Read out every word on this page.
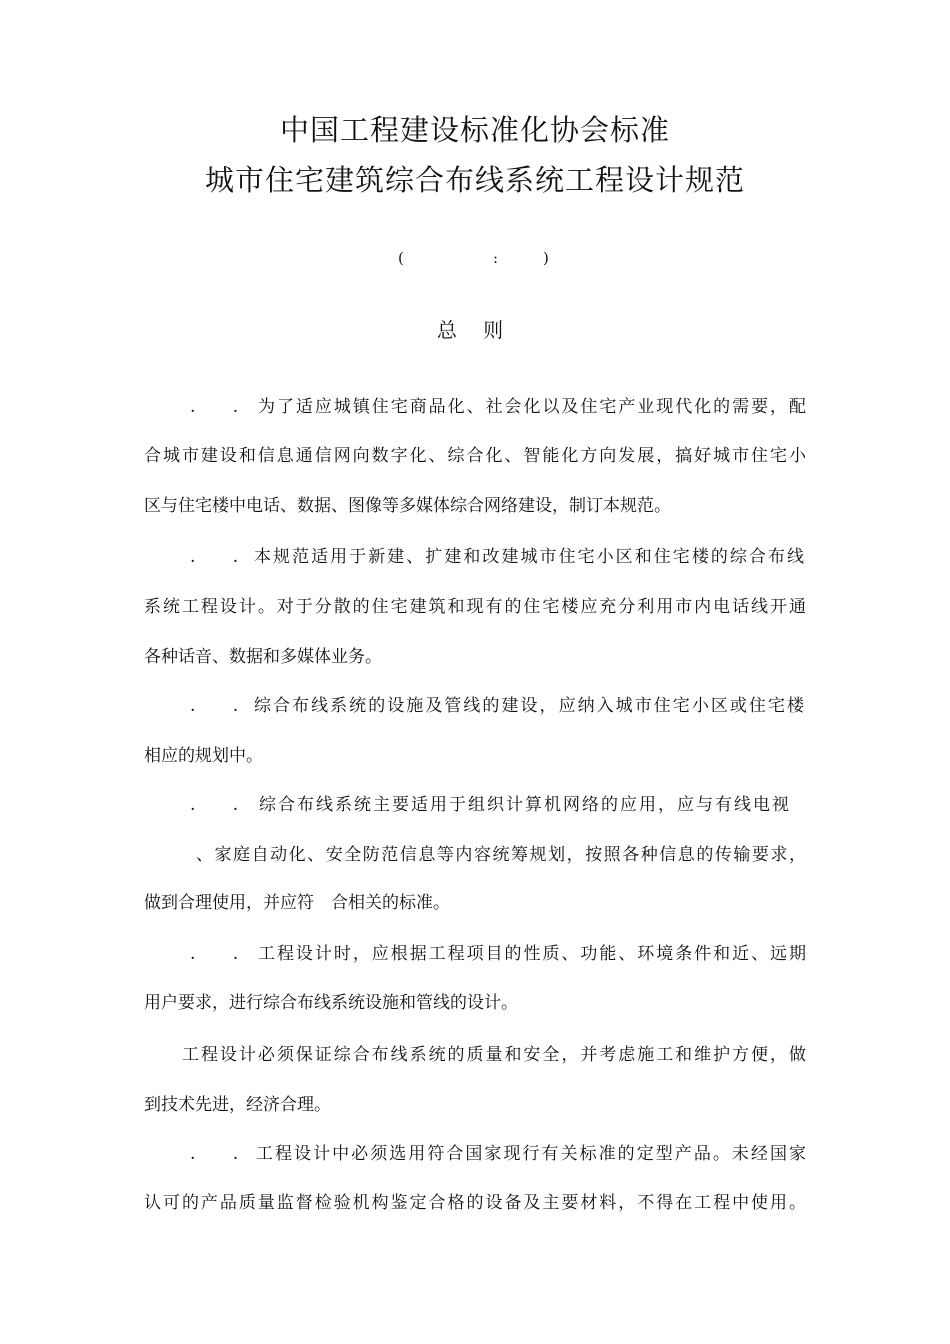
中国工程建设标准化协会标准
城市住宅建筑综合布线系统工程设计规范
(	:	)
总 则
. . 为了适应城镇住宅商品化、社会化以及住宅产业现代化的需要，配
合城市建设和信息通信网向数字化、综合化、智能化方向发展，搞好城市住宅小
区与住宅楼中电话、数据、图像等多媒体综合网络建设，制订本规范。
. . 本规范适用于新建、扩建和改建城市住宅小区和住宅楼的综合布线
系统工程设计。对于分散的住宅建筑和现有的住宅楼应充分利用市内电话线开通
各种话音、数据和多媒体业务。
. . 综合布线系统的设施及管线的建设，应纳入城市住宅小区或住宅楼
相应的规划中。
. . 综合布线系统主要适用于组织计算机网络的应用，应与有线电视
、家庭自动化、安全防范信息等内容统筹规划，按照各种信息的传输要求，
做到合理使用，并应符　合相关的标准。
. . 工程设计时，应根据工程项目的性质、功能、环境条件和近、远期
用户要求，进行综合布线系统设施和管线的设计。
工程设计必须保证综合布线系统的质量和安全，并考虑施工和维护方便，做
到技术先进，经济合理。
. . 工程设计中必须选用符合国家现行有关标准的定型产品。未经国家
认可的产品质量监督检验机构鉴定合格的设备及主要材料，不得在工程中使用。
